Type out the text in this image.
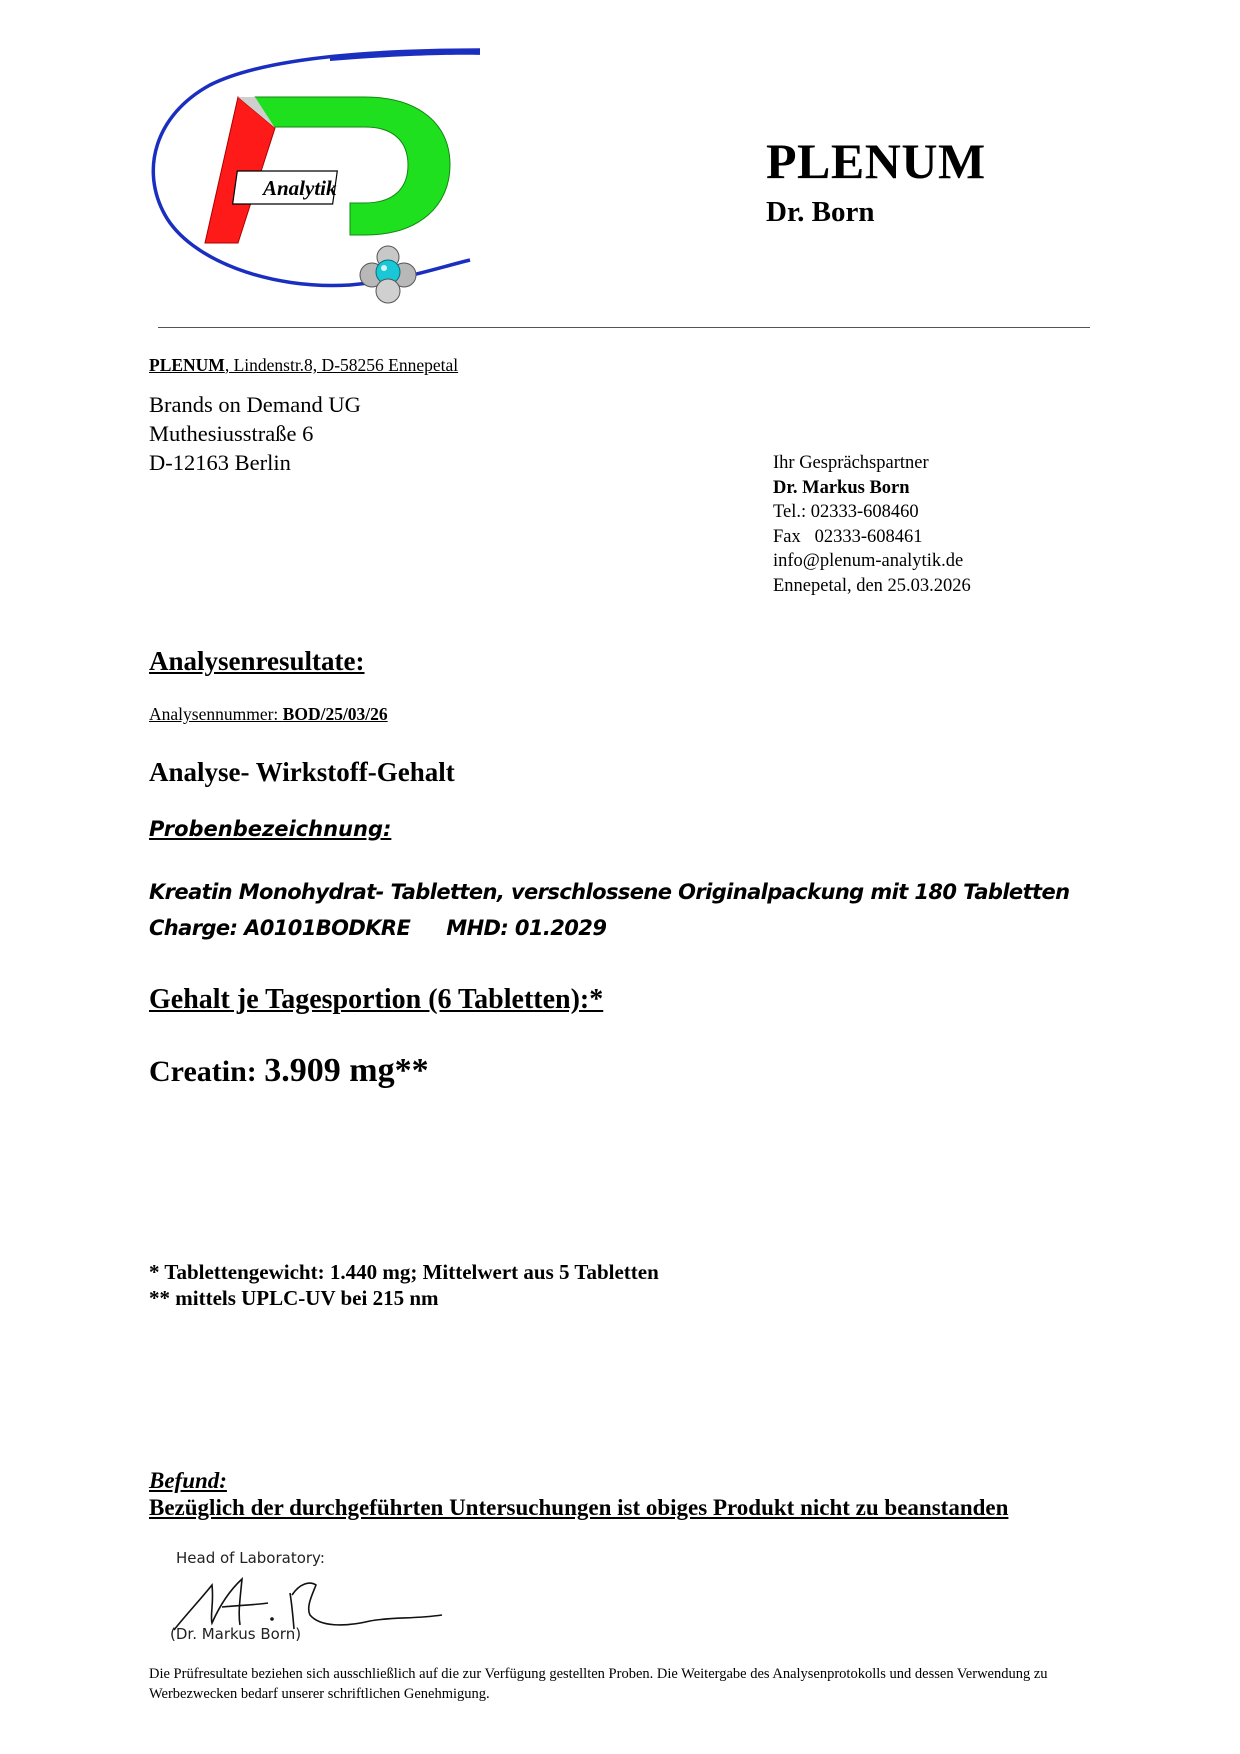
Analytik	PLENUM
Dr. Born
PLENUM, Lindenstr.8, D-58256 Ennepetal
Brands on Demand UG
Muthesiusstraße 6
D-12163 Berlin	Ihr Gesprächspartner
Dr. Markus Born
Tel.: 02333-608460
Fax   02333-608461
info@plenum-analytik.de
Ennepetal, den 25.03.2026
Analysenresultate:
Analysennummer: BOD/25/03/26
Analyse- Wirkstoff-Gehalt
Probenbezeichnung:
Kreatin Monohydrat- Tabletten, verschlossene Originalpackung mit 180 Tabletten
Charge: A0101BODKRE MHD: 01.2029
Gehalt je Tagesportion (6 Tabletten):*
Creatin: 3.909 mg**
* Tablettengewicht: 1.440 mg; Mittelwert aus 5 Tabletten
** mittels UPLC-UV bei 215 nm
Befund:
Bezüglich der durchgeführten Untersuchungen ist obiges Produkt nicht zu beanstanden
Head of Laboratory:
(Dr. Markus Born)
Die Prüfresultate beziehen sich ausschließlich auf die zur Verfügung gestellten Proben. Die Weitergabe des Analysenprotokolls und dessen Verwendung zu Werbezwecken bedarf unserer schriftlichen Genehmigung.
